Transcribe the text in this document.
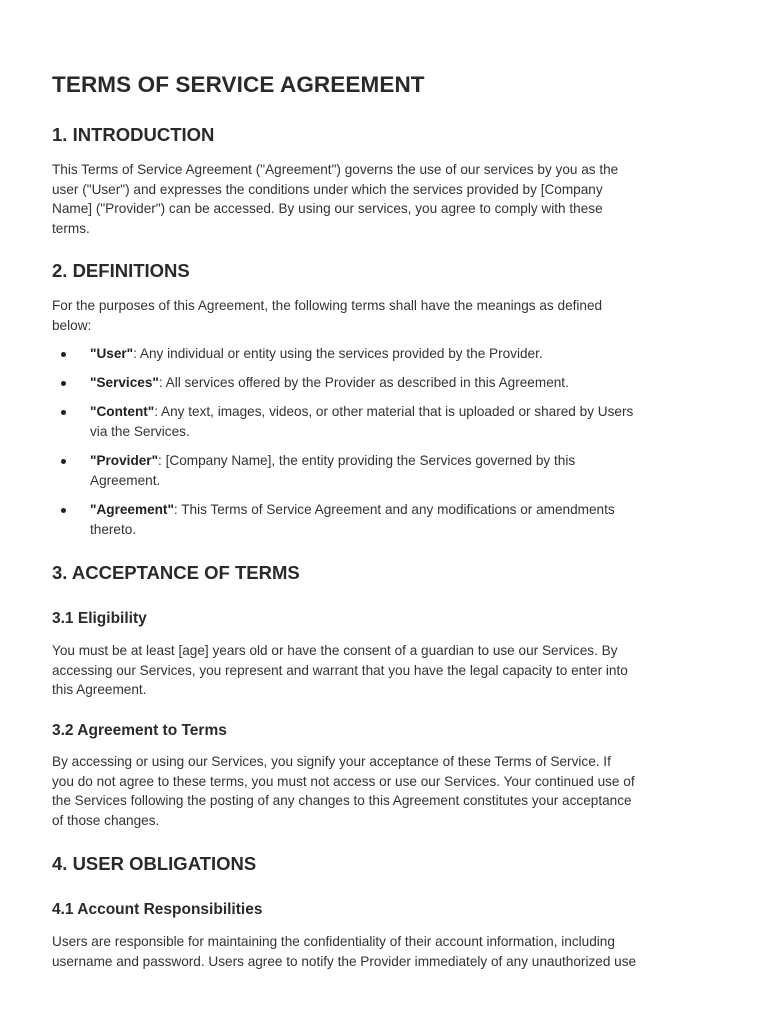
TERMS OF SERVICE AGREEMENT
1. INTRODUCTION

This Terms of Service Agreement ("Agreement") governs the use of our services by you as the
user ("User") and expresses the conditions under which the services provided by [Company
Name] ("Provider") can be accessed. By using our services, you agree to comply with these
terms.

2. DEFINITIONS

For the purposes of this Agreement, the following terms shall have the meanings as defined
below:

"User": Any individual or entity using the services provided by the Provider.
"Services": All services offered by the Provider as described in this Agreement.
"Content": Any text, images, videos, or other material that is uploaded or shared by Users
via the Services.
"Provider": [Company Name], the entity providing the Services governed by this
Agreement.
"Agreement": This Terms of Service Agreement and any modifications or amendments
thereto.
3. ACCEPTANCE OF TERMS
3.1 Eligibility

You must be at least [age] years old or have the consent of a guardian to use our Services. By
accessing our Services, you represent and warrant that you have the legal capacity to enter into
this Agreement.

3.2 Agreement to Terms

By accessing or using our Services, you signify your acceptance of these Terms of Service. If
you do not agree to these terms, you must not access or use our Services. Your continued use of
the Services following the posting of any changes to this Agreement constitutes your acceptance
of those changes.

4. USER OBLIGATIONS
4.1 Account Responsibilities

Users are responsible for maintaining the confidentiality of their account information, including
username and password. Users agree to notify the Provider immediately of any unauthorized use
